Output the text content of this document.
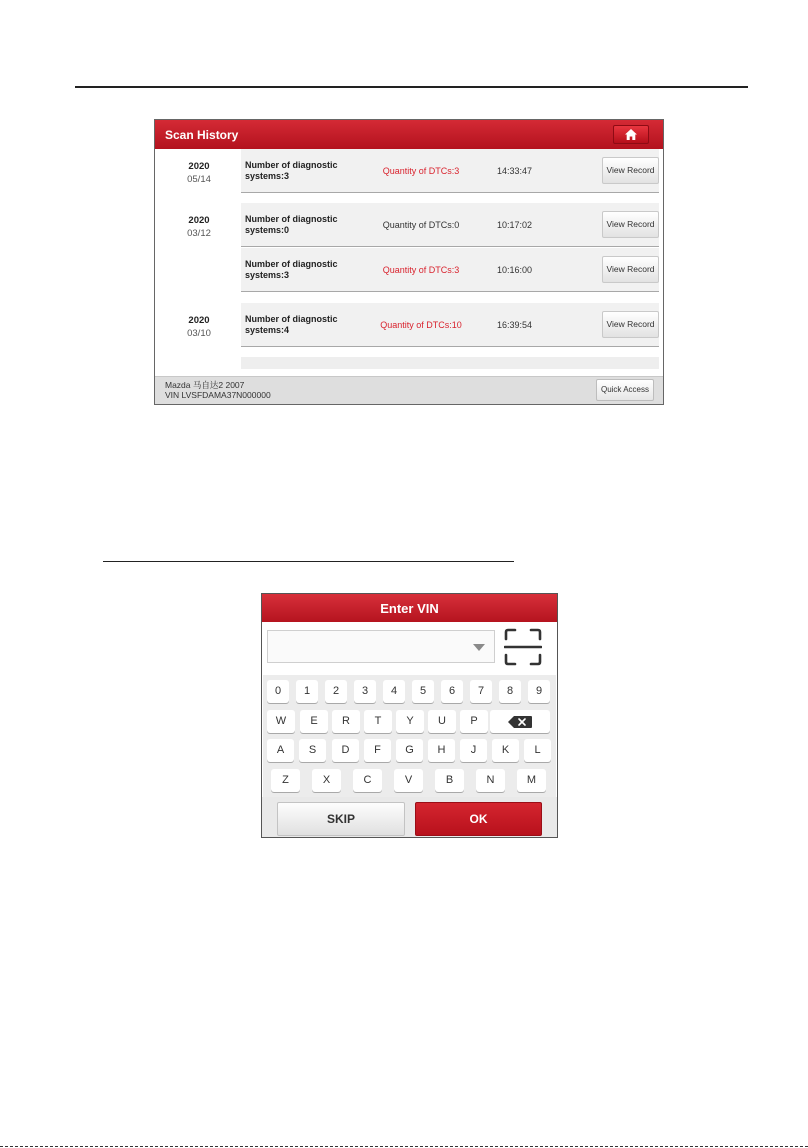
Scan History
2020
05/14
Number of diagnostic systems:3	Quantity of DTCs:3	14:33:47	View Record
2020
03/12
Number of diagnostic systems:0	Quantity of DTCs:0	10:17:02	View Record
Number of diagnostic systems:3	Quantity of DTCs:3	10:16:00	View Record
2020
03/10
Number of diagnostic systems:4	Quantity of DTCs:10	16:39:54	View Record
Mazda 马自达2 2007
VIN LVSFDAMA37N000000
Quick Access
Enter VIN
0	1	2	3	4	5	6	7	8	9
W	E	R	T	Y	U	P
A	S	D	F	G	H	J	K	L
Z	X	C	V	B	N	M
SKIP	OK
